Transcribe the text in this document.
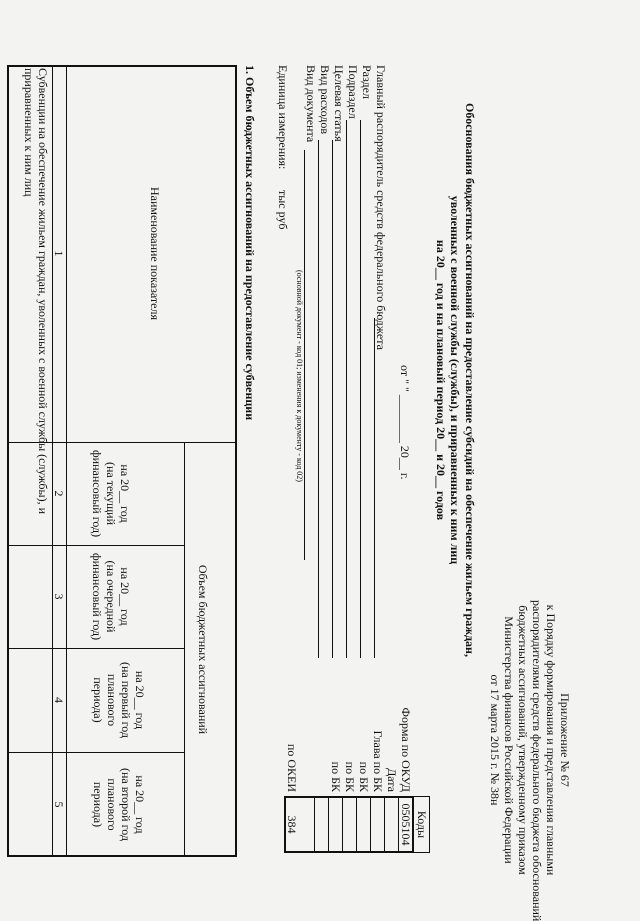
Приложение № 67
к Порядку формирования и представления главными
распорядителями средств федерального бюджета обоснований
бюджетных ассигнований, утвержденному приказом
Министерства финансов Российской Федерации
от 17 марта 2015 г. № 38н
Обоснования бюджетных ассигнований на предоставление субсидий на обеспечение жильем граждан,
уволенных с военной службы (службы), и приравненных к ним лиц
на 20__ год и на плановый период 20__ и 20__ годов
от " " ________ 20__ г.
Коды
0505104
384
Форма по ОКУД
Дата
Глава по БК
по БК
по БК
по БК
по ОКЕИ
Главный распорядитель средств федерального бюджета
Раздел
Подраздел
Целевая статья
Вид расходов
Вид документа
(основной документ - код 01; изменения к документу - код 02)
Единица измерения:
тыс руб
1. Объем бюджетных ассигнований на предоставление субвенции
Наименование показателя
Объем бюджетных ассигнований
на 20__ год
(на текущий
финансовый год)
на 20__ год
(на очередной
финансовый год)
на 20__ год
(на первый год
планового
периода)
на 20__ год
(на второй год
планового
периода)
1
2
3
4
5
Субвенции на обеспечение жильем граждан, уволенных с военной службы (службы), и
приравненных к ним лиц
